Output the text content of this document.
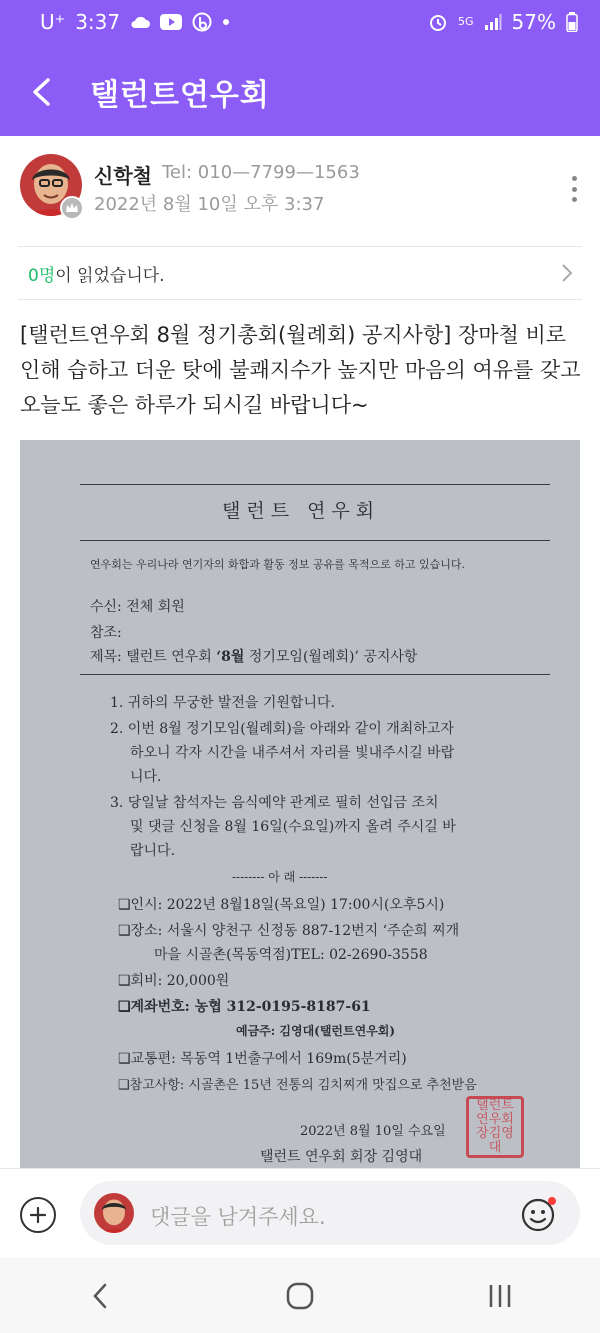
U⁺ 3:37	5G 57%
탤런트연우회
신학철 Tel: 010—7799—1563
2022년 8월 10일 오후 3:37
0명 이 읽었습니다.
[탤런트연우회 8월 정기총회(월례회) 공지사항] 장마철 비로 인해 습하고 더운 탓에 불쾌지수가 높지만 마음의 여유를 갖고 오늘도 좋은 하루가 되시길 바랍니다~
탤런트 연우회
연우회는 우리나라 연기자의 화합과 활동 정보 공유를 목적으로 하고 있습니다.
수신: 전체 회원
참조:
제목: 탤런트 연우회 ‘8월 정기모임(월례회)’ 공지사항
1. 귀하의 무궁한 발전을 기원합니다.
2. 이번 8월 정기모임(월례회)을 아래와 같이 개최하고자
하오니 각자 시간을 내주셔서 자리를 빛내주시길 바랍
니다.
3. 당일날 참석자는 음식예약 관계로 필히 선입금 조치
및 댓글 신청을 8월 16일(수요일)까지 올려 주시길 바
랍니다.
-------- 아 래 -------
❑인시: 2022년 8월18일(목요일) 17:00시(오후5시)
❑장소: 서울시 양천구 신정동 887-12번지 ‘주순희 찌개
마을 시골촌(목동역점)TEL: 02-2690-3558
❑회비: 20,000원
❑계좌번호: 농협 312-0195-8187-61
예금주: 김영대(탤런트연우회)
❑교통편: 목동역 1번출구에서 169m(5분거리)
❑참고사항: 시골촌은 15년 전통의 김치찌개 맛집으로 추천받음
2022년 8월 10일 수요일
탤런트 연우회 회장 김영대
탤런트연우회장김영대
댓글을 남겨주세요.
